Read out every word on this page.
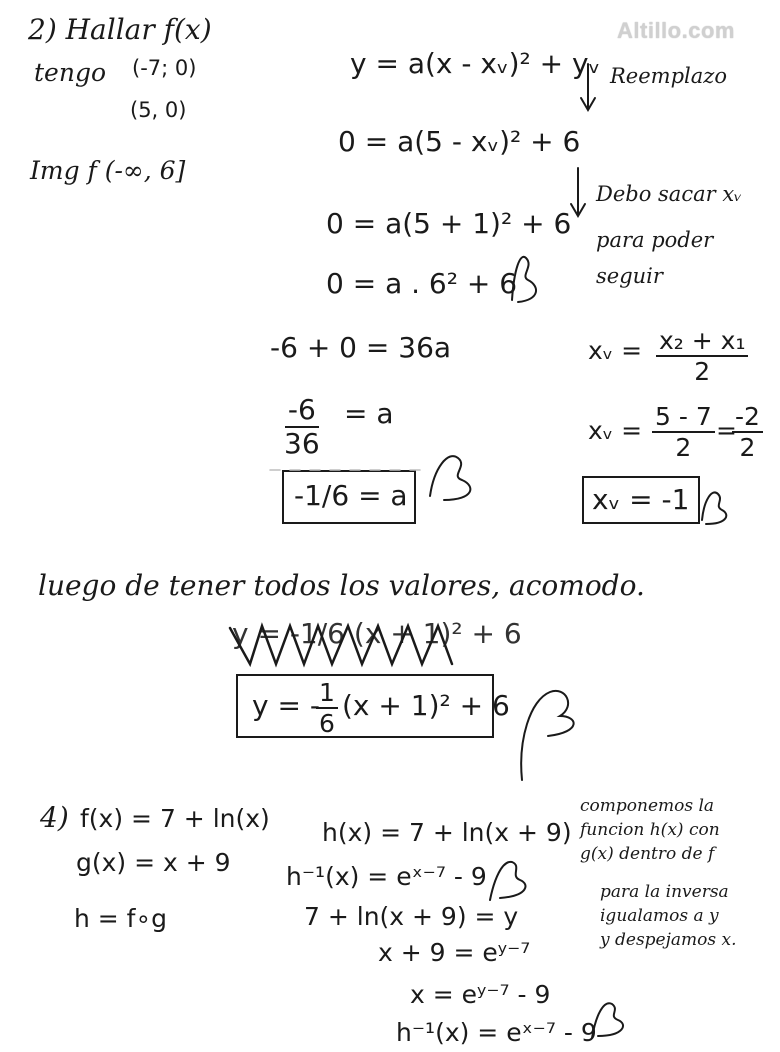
Altillo.com
2) Hallar f(x)
tengo (-7; 0)
(5, 0)
Img f (-∞, 6]
y = a(x - xᵥ)² + yᵥ Reemplazo
0 = a(5 - xᵥ)² + 6
Debo sacar xᵥ
para poder
seguir
0 = a(5 + 1)² + 6
0 = a . 6² + 6
xᵥ = $\frac{\text{x₂ + x₁}}{2}$
-6 + 0 = 36a
$\frac{-6}{36} = a$
xᵥ = $\frac{5 - 7}{2}$ =
$\frac{-2}{2}$
-1/6 = a	xᵥ = -1
luego de tener todos los valores, acomodo.
y = -1/6 (x + 1)² + 6
y = -
$\frac{1}{6} (x + 1)^2 + 6$
4) f(x) = 7 + ln(x)
g(x) = x + 9
h = f∘g
h(x) = 7 + ln(x + 9)
h⁻¹(x) = eˣ⁻⁷ - 9
componemos la
funcion h(x) con
g(x) dentro de f
para la inversa
igualamos a y
y despejamos x.
7 + ln(x + 9) = y
x + 9 = eʸ⁻⁷
x = eʸ⁻⁷ - 9
h⁻¹(x) = eˣ⁻⁷ - 9
